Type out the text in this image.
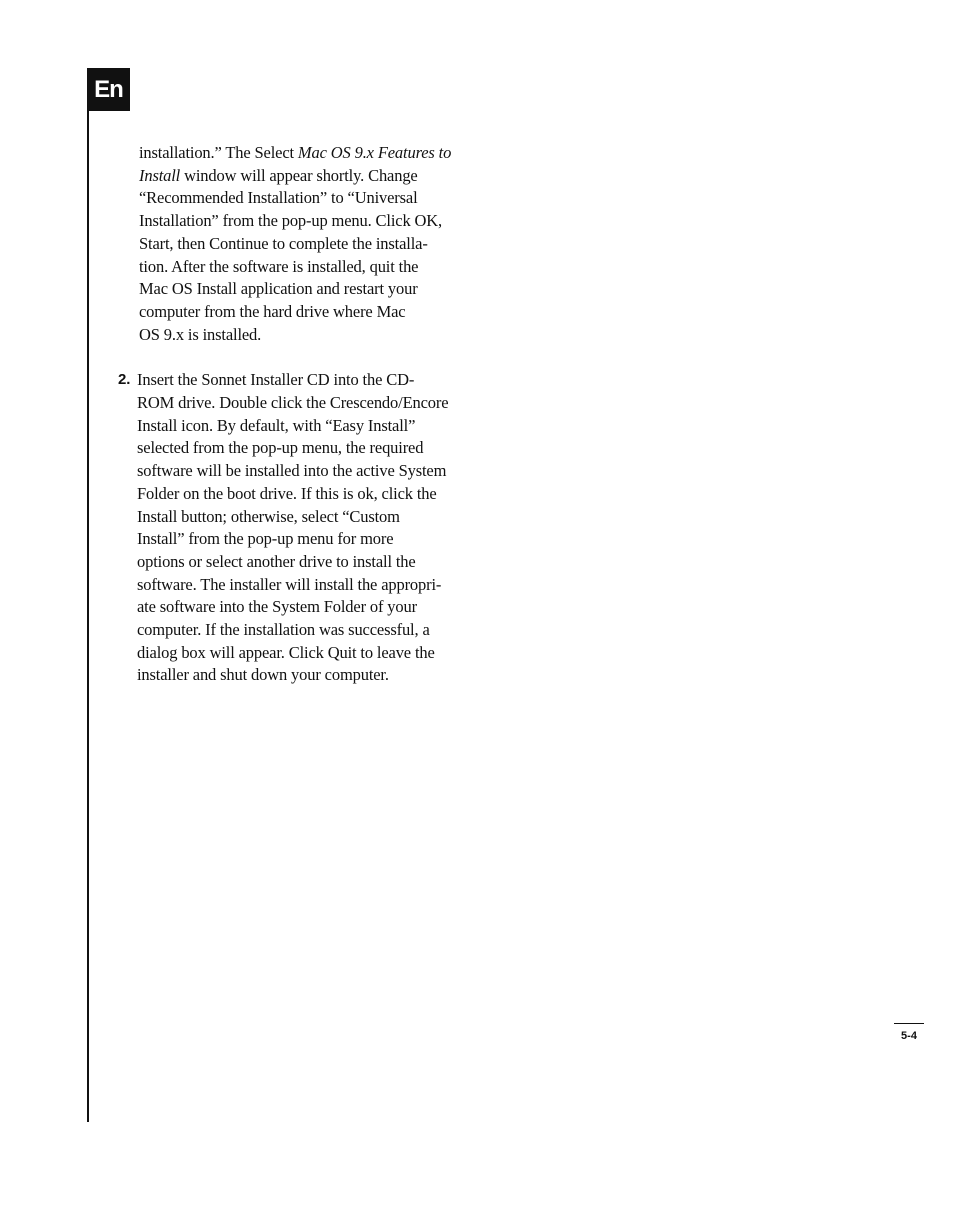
En

installation.” The Select Mac OS 9.x Features to
Install window will appear shortly. Change
“Recommended Installation” to “Universal
Installation” from the pop-up menu. Click OK,
Start, then Continue to complete the installa-
tion. After the software is installed, quit the
Mac OS Install application and restart your
computer from the hard drive where Mac
OS 9.x is installed.

2. Insert the Sonnet Installer CD into the CD-
ROM drive. Double click the Crescendo/Encore
Install icon. By default, with “Easy Install”
selected from the pop-up menu, the required
software will be installed into the active System
Folder on the boot drive. If this is ok, click the
Install button; otherwise, select “Custom
Install” from the pop-up menu for more
options or select another drive to install the
software. The installer will install the appropri-
ate software into the System Folder of your
computer. If the installation was successful, a
dialog box will appear. Click Quit to leave the
installer and shut down your computer.

5-4
